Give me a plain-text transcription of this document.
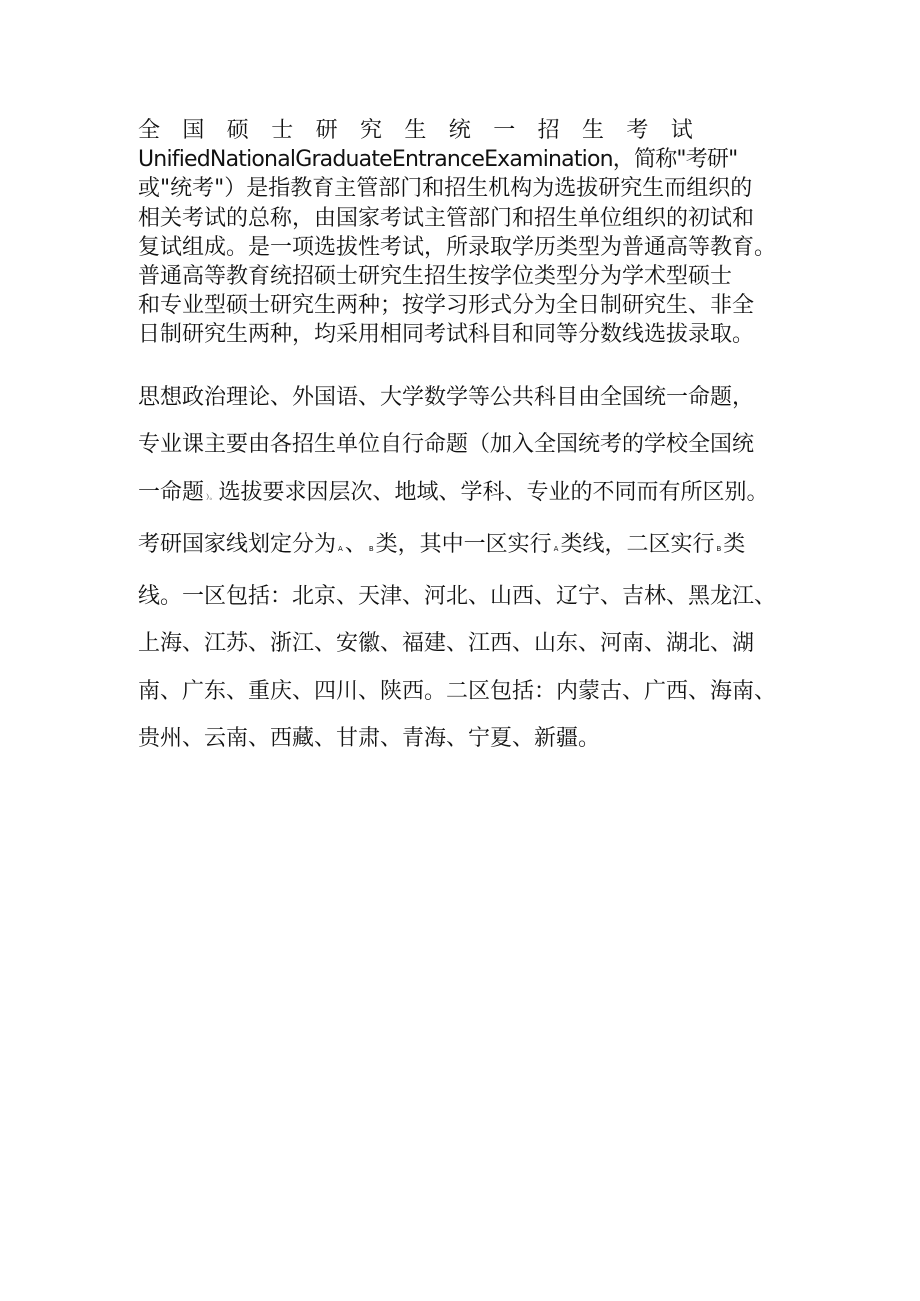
全国硕士研究生统一招生考试
UnifiedNationalGraduateEntranceExamination，简称"考研"
或"统考"）是指教育主管部门和招生机构为选拔研究生而组织的
相关考试的总称，由国家考试主管部门和招生单位组织的初试和
复试组成。是一项选拔性考试，所录取学历类型为普通高等教育。
普通高等教育统招硕士研究生招生按学位类型分为学术型硕士
和专业型硕士研究生两种；按学习形式分为全日制研究生、非全
日制研究生两种，均采用相同考试科目和同等分数线选拔录取。
思想政治理论、外国语、大学数学等公共科目由全国统一命题，
专业课主要由各招生单位自行命题（加入全国统考的学校全国统
一命题 ）。选拔要求因层次、地域、学科、专业的不同而有所区别。
考研国家线划定分为 A、 B类，其中一区实行 A类线，二区实行 B类
线。一区包括：北京、天津、河北、山西、辽宁、吉林、黑龙江、
上海、江苏、浙江、安徽、福建、江西、山东、河南、湖北、湖
南、广东、重庆、四川、陕西。二区包括：内蒙古、广西、海南、
贵州、云南、西藏、甘肃、青海、宁夏、新疆。
